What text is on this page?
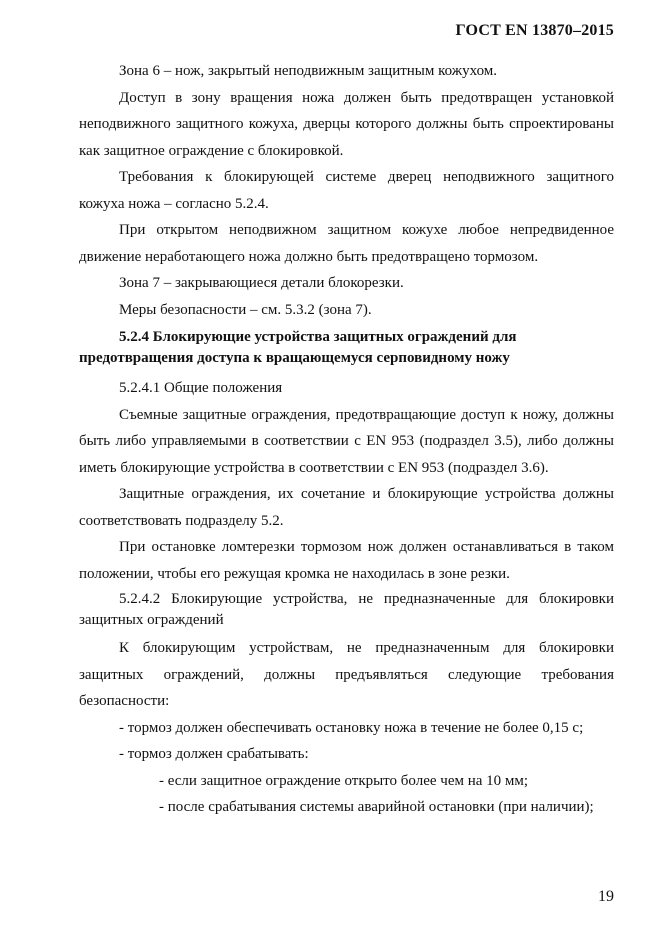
ГОСТ EN 13870–2015

Зона 6 – нож, закрытый неподвижным защитным кожухом.

Доступ в зону вращения ножа должен быть предотвращен установкой неподвижного защитного кожуха, дверцы которого должны быть спроектированы как защитное ограждение с блокировкой.

Требования к блокирующей системе дверец неподвижного защитного кожуха ножа – согласно 5.2.4.

При открытом неподвижном защитном кожухе любое непредвиденное движение неработающего ножа должно быть предотвращено тормозом.

Зона 7 – закрывающиеся детали блокорезки.

Меры безопасности – см. 5.3.2 (зона 7).

5.2.4 Блокирующие устройства защитных ограждений для предотвращения доступа к вращающемуся серповидному ножу

5.2.4.1 Общие положения

Съемные защитные ограждения, предотвращающие доступ к ножу, должны быть либо управляемыми в соответствии с EN 953 (подраздел 3.5), либо должны иметь блокирующие устройства в соответствии с EN 953 (подраздел 3.6).

Защитные ограждения, их сочетание и блокирующие устройства должны соответствовать подразделу 5.2.

При остановке ломтерезки тормозом нож должен останавливаться в таком положении, чтобы его режущая кромка не находилась в зоне резки.

5.2.4.2 Блокирующие устройства, не предназначенные для блокировки защитных ограждений

К блокирующим устройствам, не предназначенным для блокировки защитных ограждений, должны предъявляться следующие требования безопасности:

- тормоз должен обеспечивать остановку ножа в течение не более 0,15 с;

- тормоз должен срабатывать:

- если защитное ограждение открыто более чем на 10 мм;

- после срабатывания системы аварийной остановки (при наличии);

19
